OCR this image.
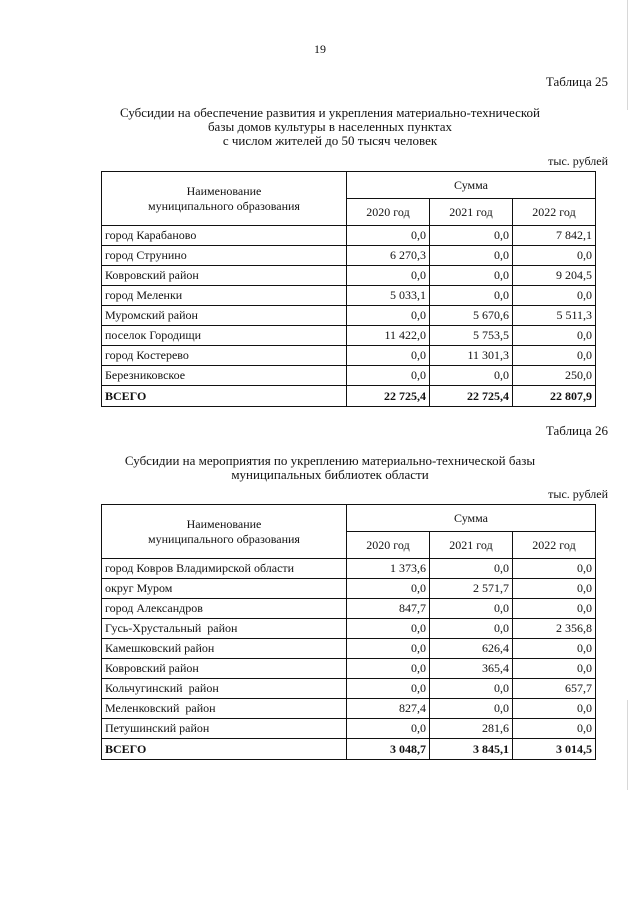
19
Таблица 25
Субсидии на обеспечение развития и укрепления материально-технической
базы домов культуры в населенных пунктах
с числом жителей до 50 тысяч человек
тыс. рублей
Наименование
муниципального образования	Сумма		
	2020 год	2021 год	2022 год
город Карабаново	0,0	0,0	7 842,1
город Струнино	6 270,3	0,0	0,0
Ковровский район	0,0	0,0	9 204,5
город Меленки	5 033,1	0,0	0,0
Муромский район	0,0	5 670,6	5 511,3
поселок Городищи	11 422,0	5 753,5	0,0
город Костерево	0,0	11 301,3	0,0
Березниковское	0,0	0,0	250,0
ВСЕГО	22 725,4	22 725,4	22 807,9
Таблица 26
Субсидии на мероприятия по укреплению материально-технической базы
муниципальных библиотек области
тыс. рублей
Наименование
муниципального образования	Сумма		
	2020 год	2021 год	2022 год
город Ковров Владимирской области	1 373,6	0,0	0,0
округ Муром	0,0	2 571,7	0,0
город Александров	847,7	0,0	0,0
Гусь-Хрустальный  район	0,0	0,0	2 356,8
Камешковский район	0,0	626,4	0,0
Ковровский район	0,0	365,4	0,0
Кольчугинский  район	0,0	0,0	657,7
Меленковский  район	827,4	0,0	0,0
Петушинский район	0,0	281,6	0,0
ВСЕГО	3 048,7	3 845,1	3 014,5
